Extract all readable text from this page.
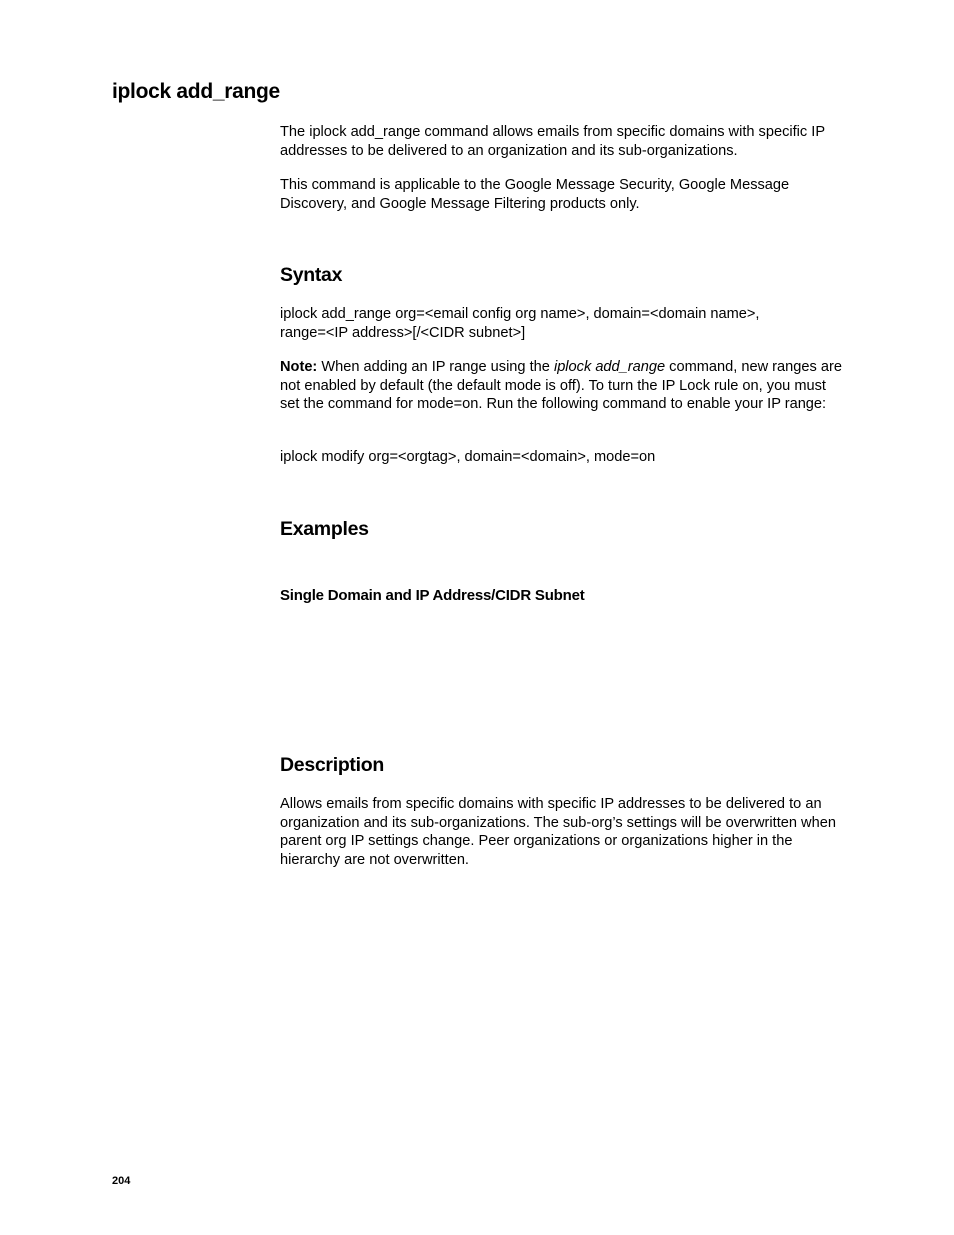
iplock add_range

The iplock add_range command allows emails from specific domains with specific IP addresses to be delivered to an organization and its sub-organizations.

This command is applicable to the Google Message Security, Google Message Discovery, and Google Message Filtering products only.

Syntax

iplock add_range org=<email config org name>, domain=<domain name>,
range=<IP address>[/<CIDR subnet>]

Note: When adding an IP range using the iplock add_range command, new ranges are not enabled by default (the default mode is off). To turn the IP Lock rule on, you must set the command for mode=on. Run the following command to enable your IP range:

iplock modify org=<orgtag>, domain=<domain>, mode=on

Examples
Single Domain and IP Address/CIDR Subnet
Description

Allows emails from specific domains with specific IP addresses to be delivered to an organization and its sub-organizations. The sub-org’s settings will be overwritten when parent org IP settings change. Peer organizations or organizations higher in the hierarchy are not overwritten.

204
